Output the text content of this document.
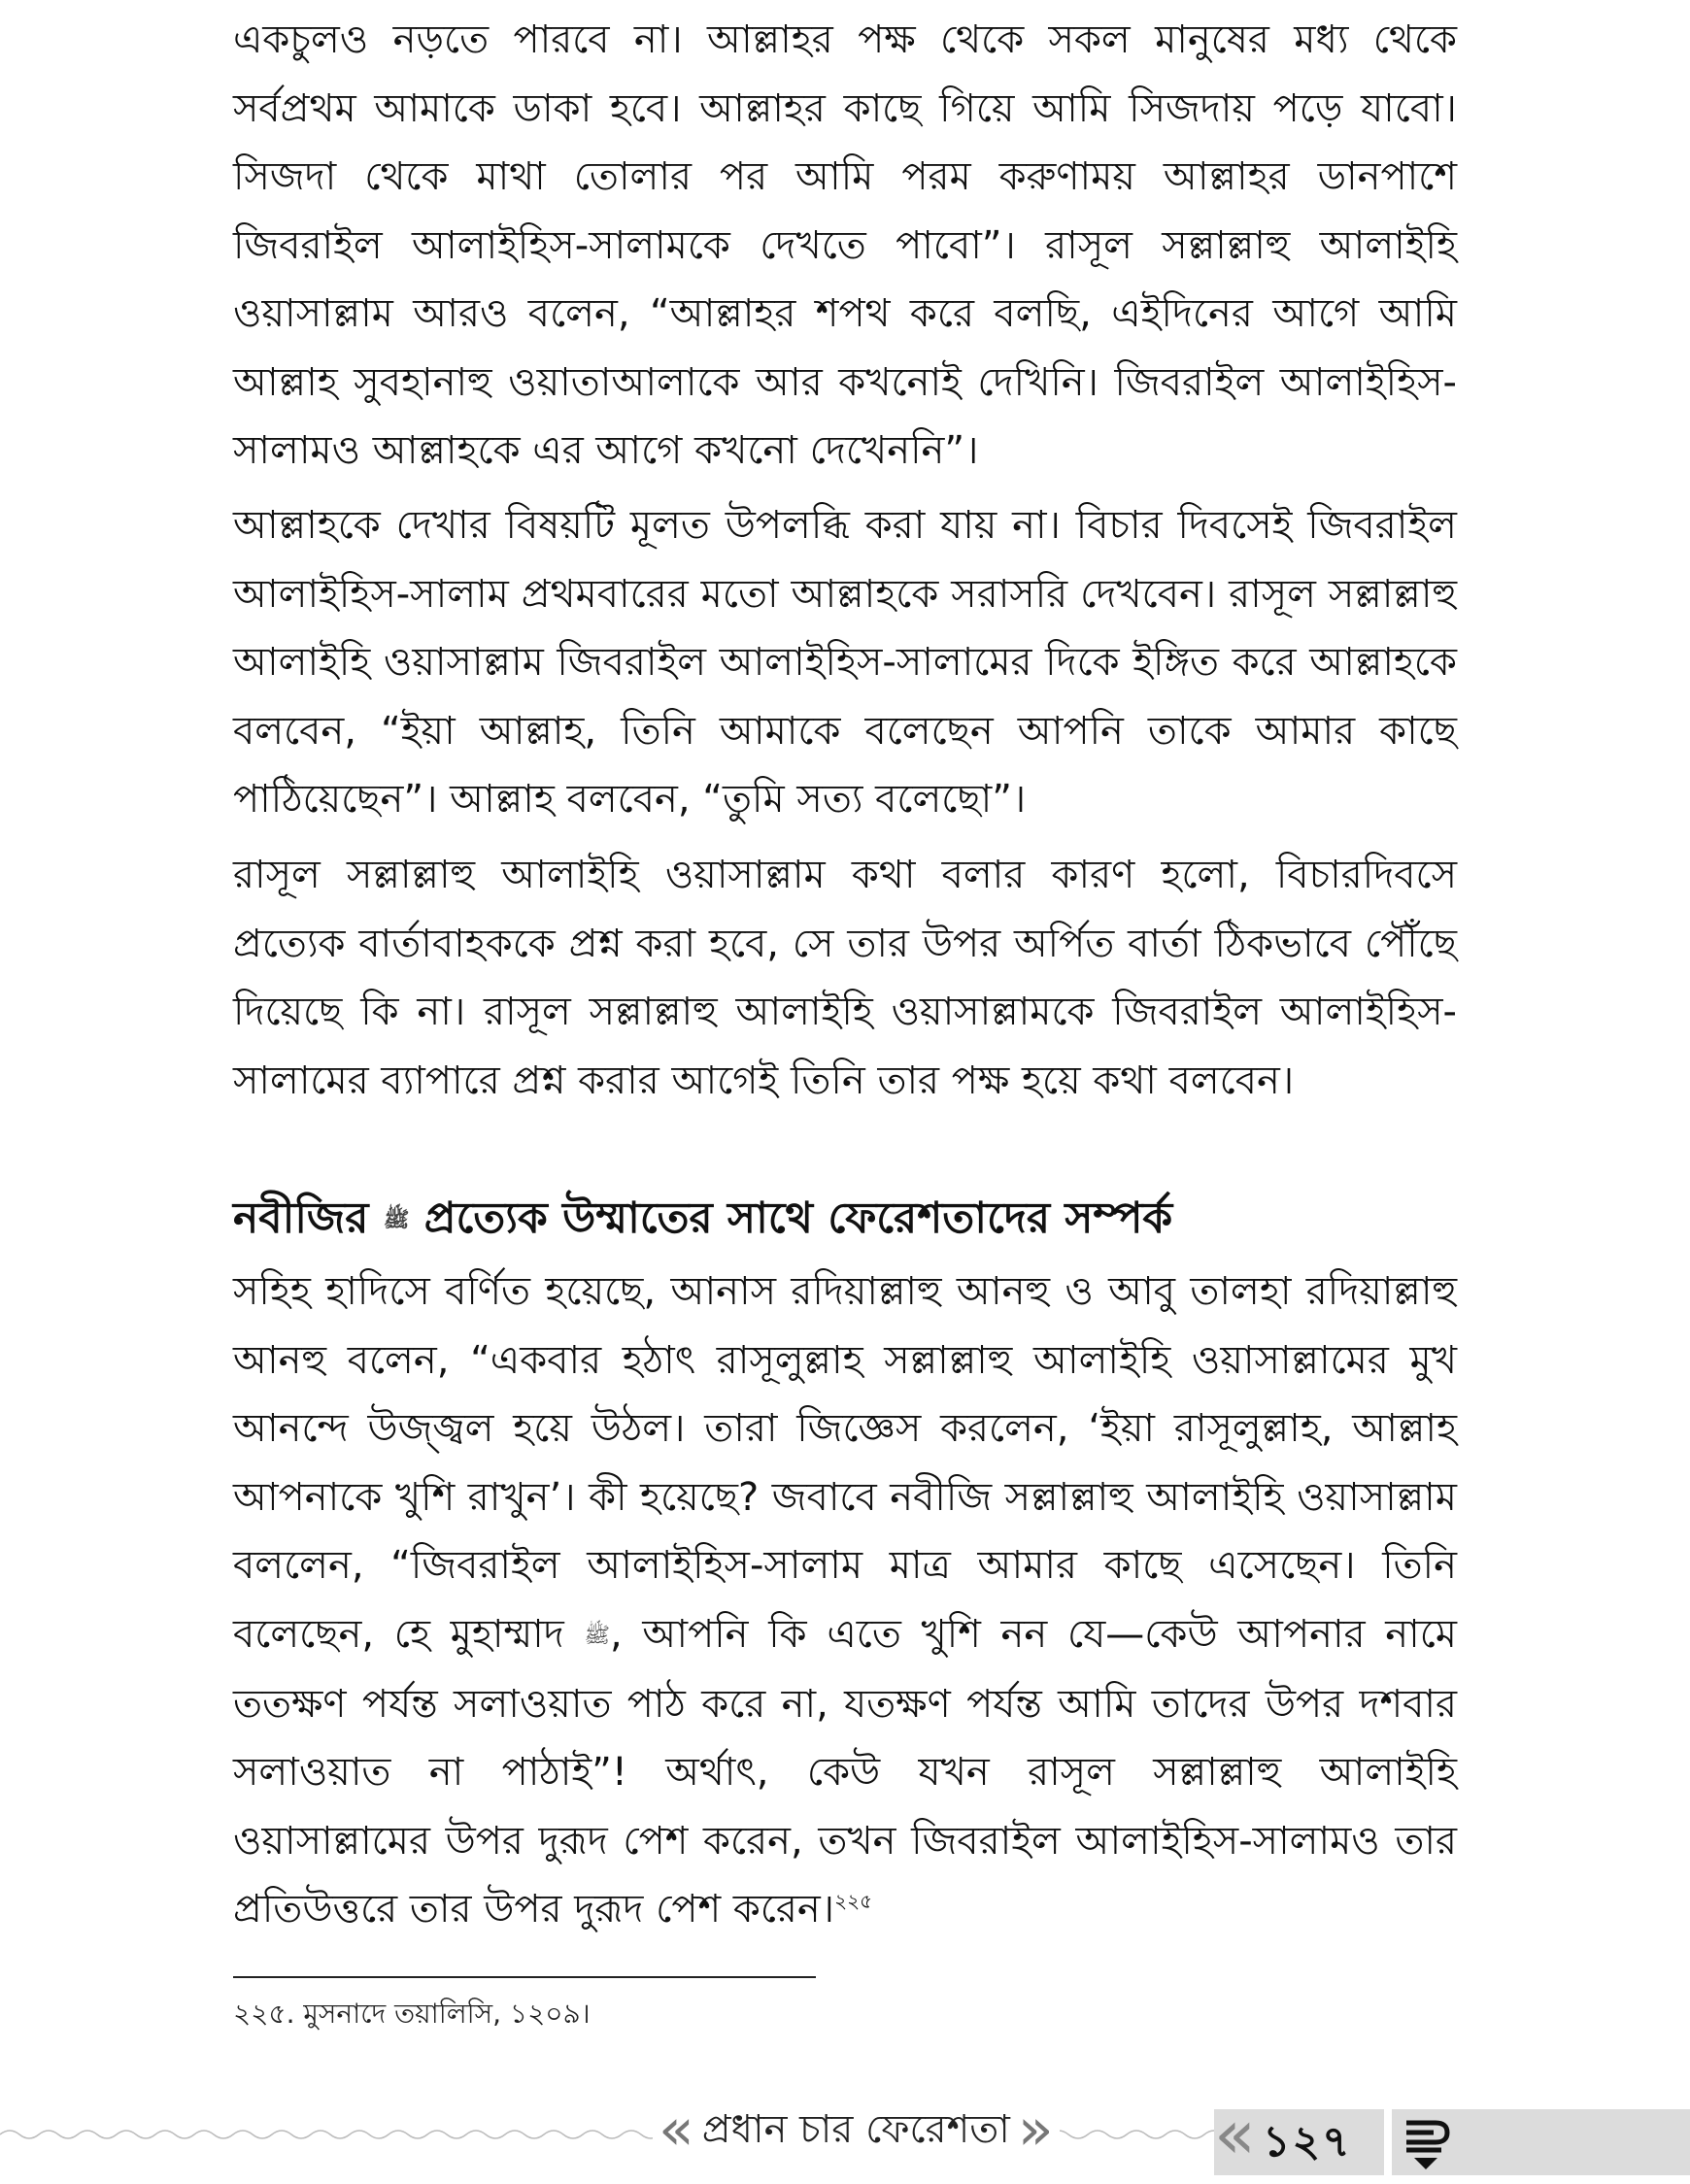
একচুলও নড়তে পারবে না। আল্লাহর পক্ষ থেকে সকল মানুষের মধ্য থেকে সর্বপ্রথম আমাকে ডাকা হবে। আল্লাহর কাছে গিয়ে আমি সিজদায় পড়ে যাবো। সিজদা থেকে মাথা তোলার পর আমি পরম করুণাময় আল্লাহর ডানপাশে জিবরাইল আলাইহিস-সালামকে দেখতে পাবো”। রাসূল সল্লাল্লাহু আলাইহি ওয়াসাল্লাম আরও বলেন, “আল্লাহর শপথ করে বলছি, এইদিনের আগে আমি আল্লাহ সুবহানাহু ওয়াতাআলাকে আর কখনোই দেখিনি। জিবরাইল আলাইহিস-সালামও আল্লাহকে এর আগে কখনো দেখেননি”।

আল্লাহকে দেখার বিষয়টি মূলত উপলব্ধি করা যায় না। বিচার দিবসেই জিবরাইল আলাইহিস-সালাম প্রথমবারের মতো আল্লাহকে সরাসরি দেখবেন। রাসূল সল্লাল্লাহু আলাইহি ওয়াসাল্লাম জিবরাইল আলাইহিস-সালামের দিকে ইঙ্গিত করে আল্লাহকে বলবেন, “ইয়া আল্লাহ, তিনি আমাকে বলেছেন আপনি তাকে আমার কাছে পাঠিয়েছেন”। আল্লাহ বলবেন, “তুমি সত্য বলেছো”।

রাসূল সল্লাল্লাহু আলাইহি ওয়াসাল্লাম কথা বলার কারণ হলো, বিচারদিবসে প্রত্যেক বার্তাবাহককে প্রশ্ন করা হবে, সে তার উপর অর্পিত বার্তা ঠিকভাবে পৌঁছে দিয়েছে কি না। রাসূল সল্লাল্লাহু আলাইহি ওয়াসাল্লামকে জিবরাইল আলাইহিস-সালামের ব্যাপারে প্রশ্ন করার আগেই তিনি তার পক্ষ হয়ে কথা বলবেন।

নবীজির ﷺ প্রত্যেক উম্মাতের সাথে ফেরেশতাদের সম্পর্ক

সহিহ হাদিসে বর্ণিত হয়েছে, আনাস রদিয়াল্লাহু আনহু ও আবু তালহা রদিয়াল্লাহু আনহু বলেন, “একবার হঠাৎ রাসূলুল্লাহ সল্লাল্লাহু আলাইহি ওয়াসাল্লামের মুখ আনন্দে উজ্জ্বল হয়ে উঠল। তারা জিজ্ঞেস করলেন, ‘ইয়া রাসূলুল্লাহ, আল্লাহ আপনাকে খুশি রাখুন’। কী হয়েছে? জবাবে নবীজি সল্লাল্লাহু আলাইহি ওয়াসাল্লাম বললেন, “জিবরাইল আলাইহিস-সালাম মাত্র আমার কাছে এসেছেন। তিনি বলেছেন, হে মুহাম্মাদ ﷺ, আপনি কি এতে খুশি নন যে—কেউ আপনার নামে ততক্ষণ পর্যন্ত সলাওয়াত পাঠ করে না, যতক্ষণ পর্যন্ত আমি তাদের উপর দশবার সলাওয়াত না পাঠাই”! অর্থাৎ, কেউ যখন রাসূল সল্লাল্লাহু আলাইহি ওয়াসাল্লামের উপর দুরূদ পেশ করেন, তখন জিবরাইল আলাইহিস-সালামও তার প্রতিউত্তরে তার উপর দুরূদ পেশ করেন।$^{২২৫}$

২২৫. মুসনাদে তয়ালিসি, ১২০৯।
« প্রধান চার ফেরেশতা » « ১২৭
